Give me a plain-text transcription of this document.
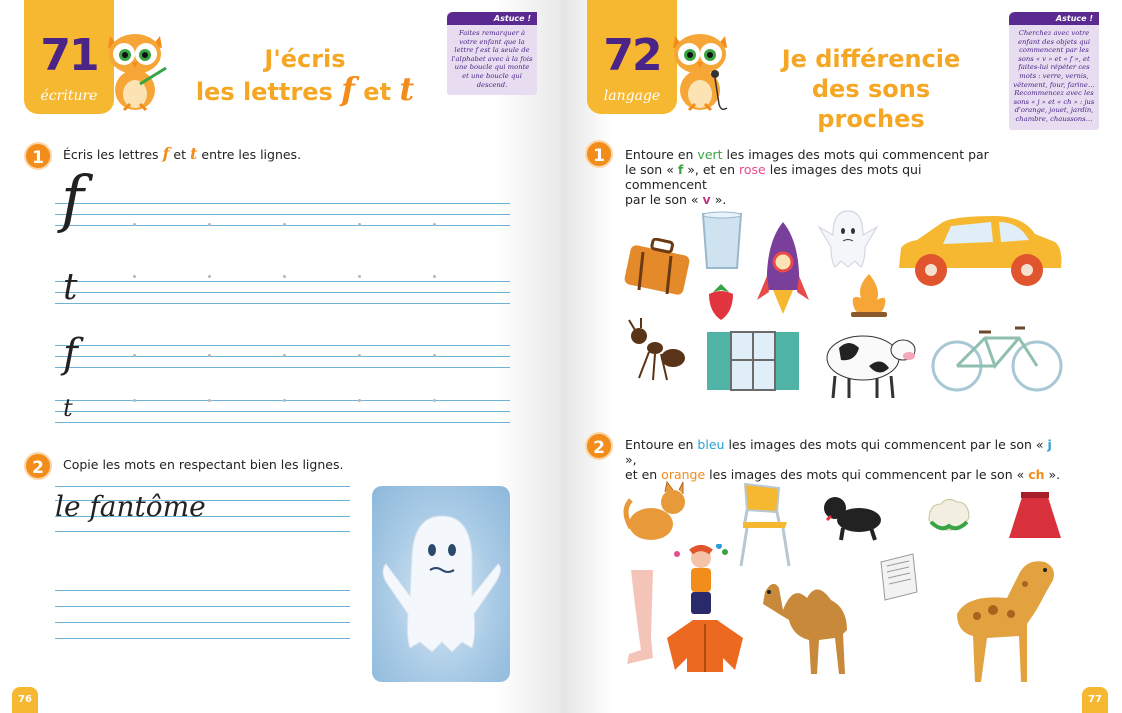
71
écriture
J'écris
les lettres f et t
Astuce !
Faites remarquer à votre enfant que la lettre f est la seule de l'alphabet avec à la fois une boucle qui monte et une boucle qui descend.
1	Écris les lettres f et t entre les lignes.
f
t
f
t
2	Copie les mots en respectant bien les lignes.
le fantôme
76
72
langage
Je différencie
des sons proches
Astuce !
Cherchez avec votre enfant des objets qui commencent par les sons « v » et « f », et faites-lui répéter ces mots : verre, vernis, vêtement, four, farine… Recommencez avec les sons « j » et « ch » : jus d'orange, jouet, jardin, chambre, chaussons…
1	Entoure en vert les images des mots qui commencent par
le son « f », et en rose les images des mots qui commencent
par le son « v ».
2	Entoure en bleu les images des mots qui commencent par le son « j »,
et en orange les images des mots qui commencent par le son « ch ».
77
